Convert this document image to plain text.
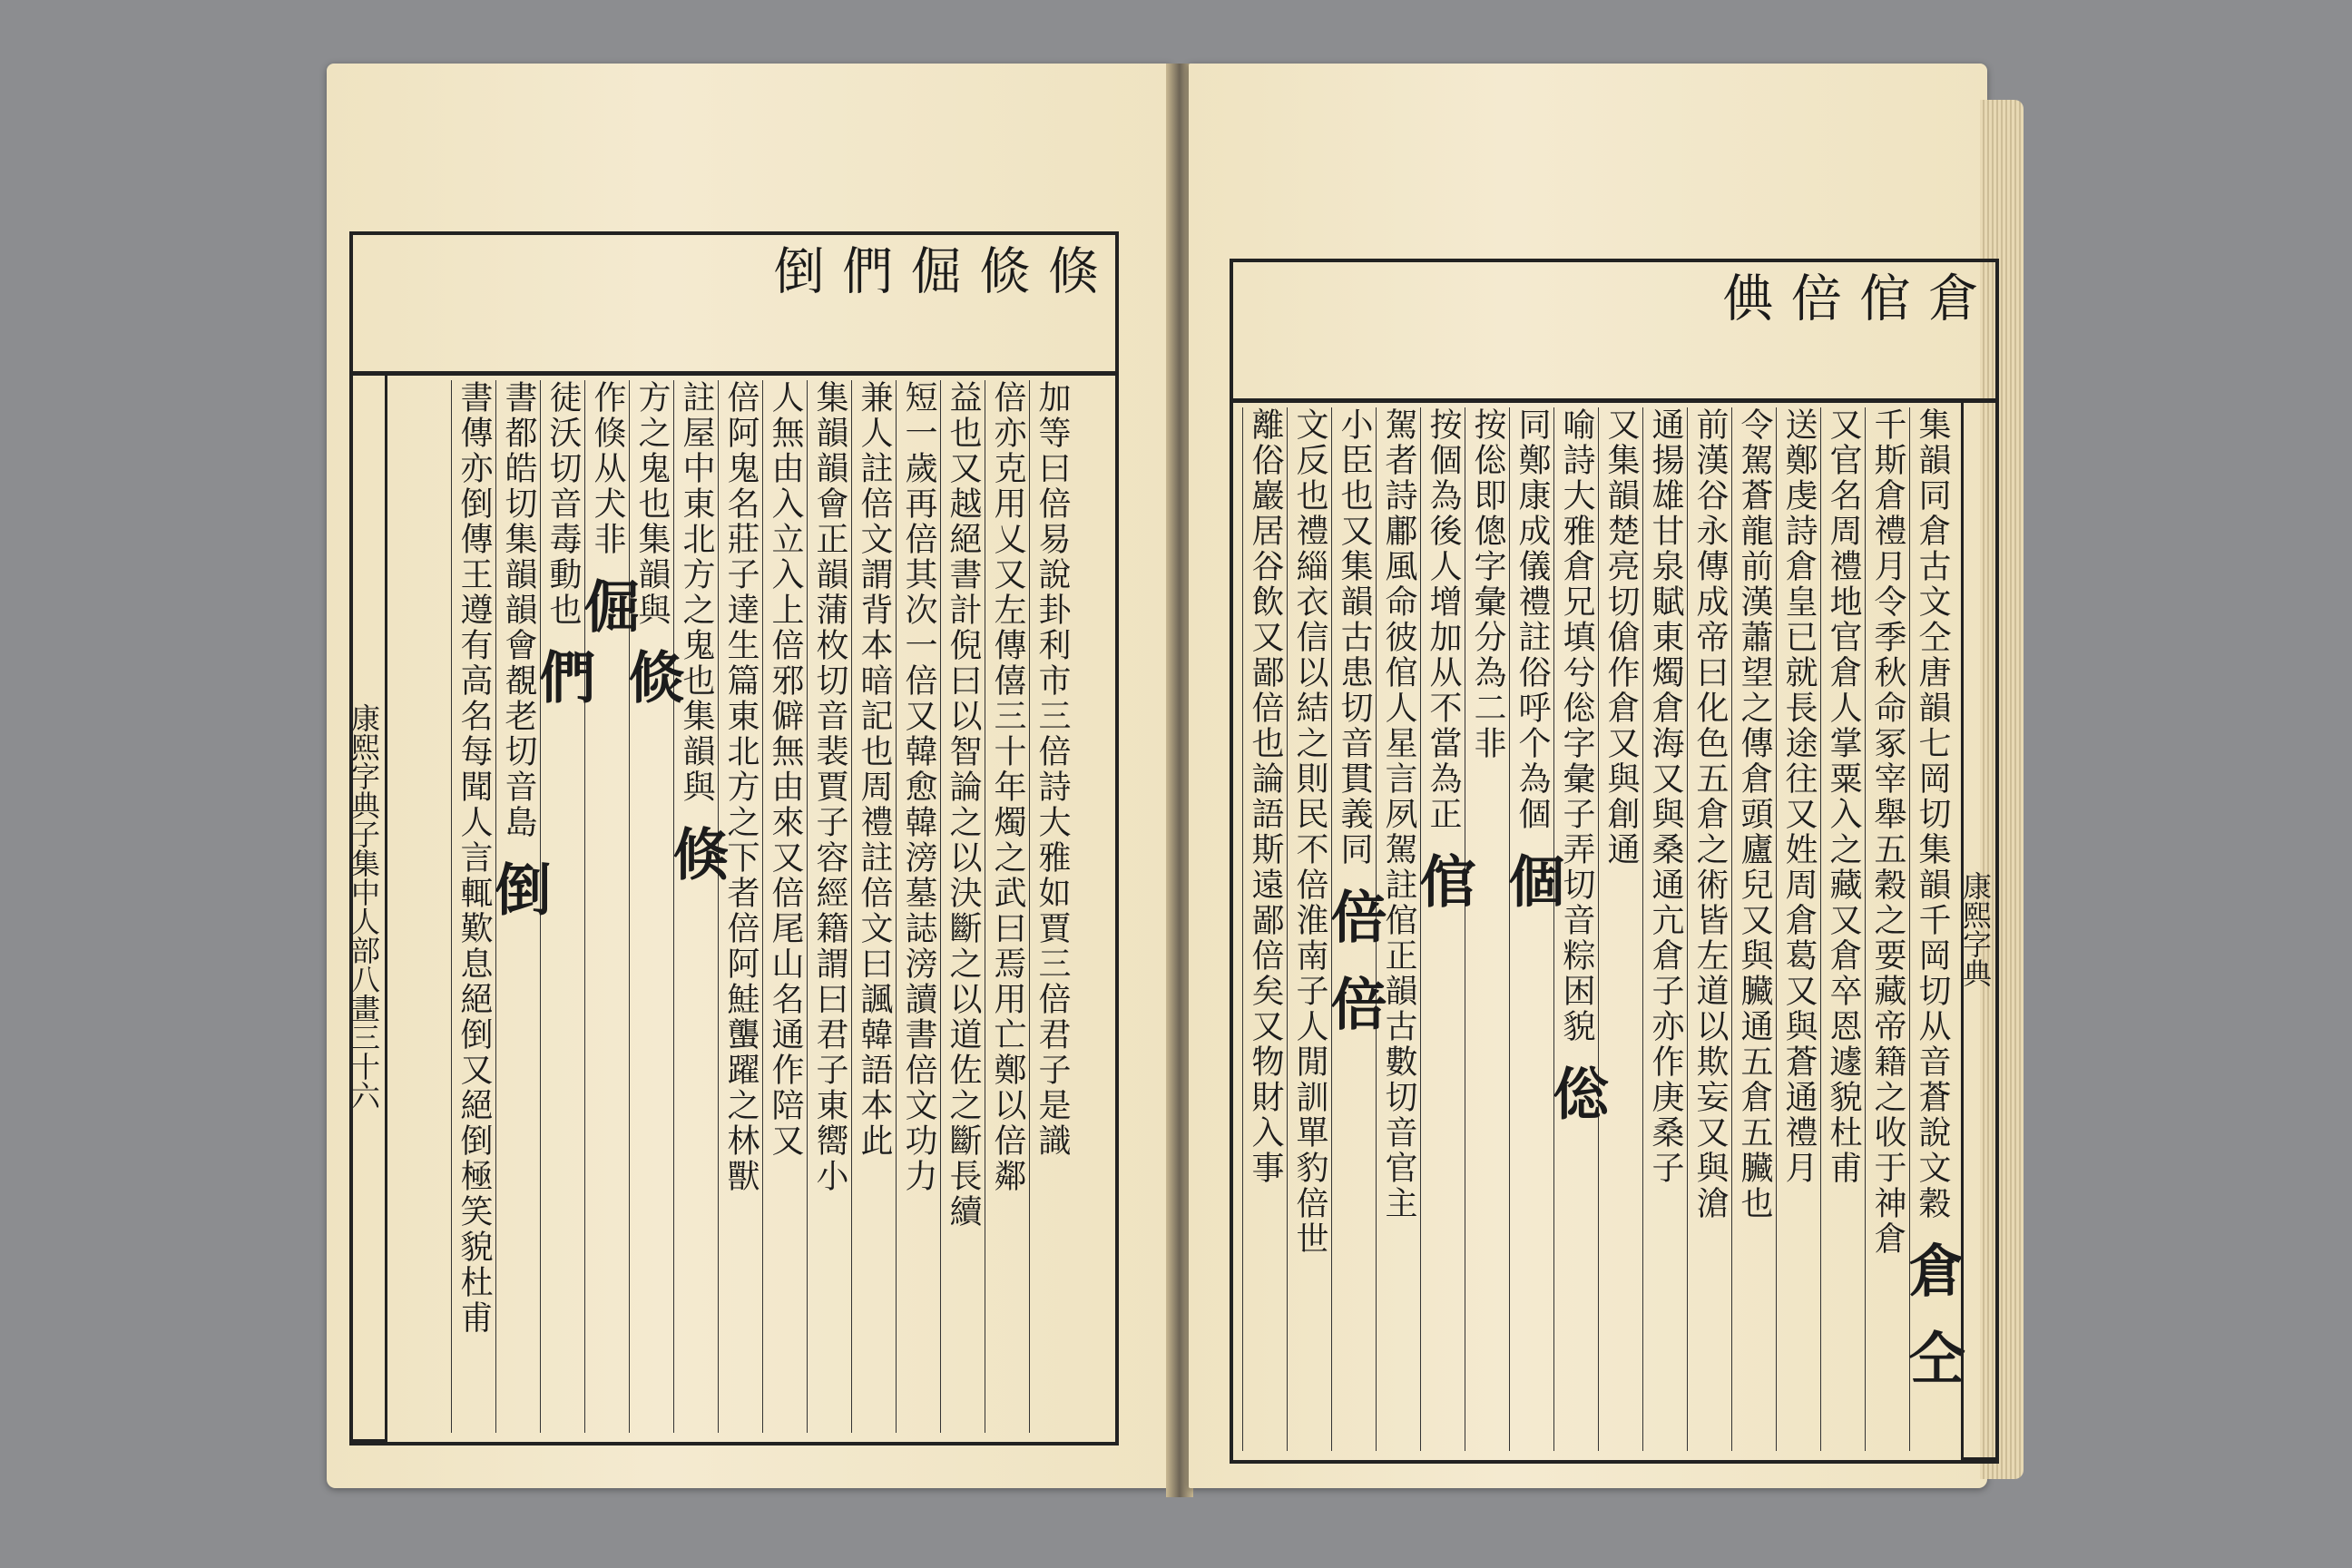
倏
倐
倔
們
倒
加等曰倍易說卦利市三倍詩大雅如賈三倍君子是識
倍亦克用乂又左傳僖三十年燭之武曰焉用亡鄭以倍鄰
益也又越絕書計倪曰以智論之以決斷之以道佐之斷長續
短一歲再倍其次一倍又韓愈韓滂墓誌滂讀書倍文功力
兼人註倍文謂背本暗記也周禮註倍文曰諷韓語本此
集韻韻會正韻蒲枚切音裴賈子容經籍謂曰君子東嚮小
人無由入立入上倍邪僻無由來又倍尾山名通作陪又
倍阿鬼名莊子達生篇東北方之下者倍阿鮭蠪躍之林獸
註屋中東北方之鬼也集韻與 倏
方之鬼也集韻與 倐
作倏从犬非 倔
徒沃切音毒動也 們
書都皓切集韻韻會覩老切音島 倒
書傳亦倒傳王遵有高名每聞人言輒歎息絕倒又絕倒極笑貌杜甫
康熙字典子集中人部八畫三十六
倉
倌
倍
倎
集韻同倉古文仝唐韻七岡切集韻千岡切从音蒼說文穀 倉 仝
千斯倉禮月令季秋命冢宰舉五穀之要藏帝籍之收于神倉
又官名周禮地官倉人掌粟入之藏又倉卒恩遽貌杜甫
送鄭虔詩倉皇已就長途往又姓周倉葛又與蒼通禮月
令駕蒼龍前漢蕭望之傳倉頭廬兒又與臟通五倉五臟也
前漢谷永傳成帝曰化色五倉之術皆左道以欺妄又與滄
通揚雄甘泉賦東燭倉海又與桑通亢倉子亦作庚桑子
又集韻楚亮切傖作倉又與創通
喻詩大雅倉兄填兮倊字彙子弄切音粽困貌 倊
同鄭康成儀禮註俗呼个為個 個
按倊即傯字彙分為二非
按個為後人增加从不當為正 倌
駕者詩鄘風命彼倌人星言夙駕註倌正韻古數切音官主
小臣也又集韻古患切音貫義同 倍 倍
文反也禮緇衣信以結之則民不倍淮南子人閒訓單豹倍世
離俗巖居谷飲又鄙倍也論語斯遠鄙倍矣又物財入事	康熙字典
